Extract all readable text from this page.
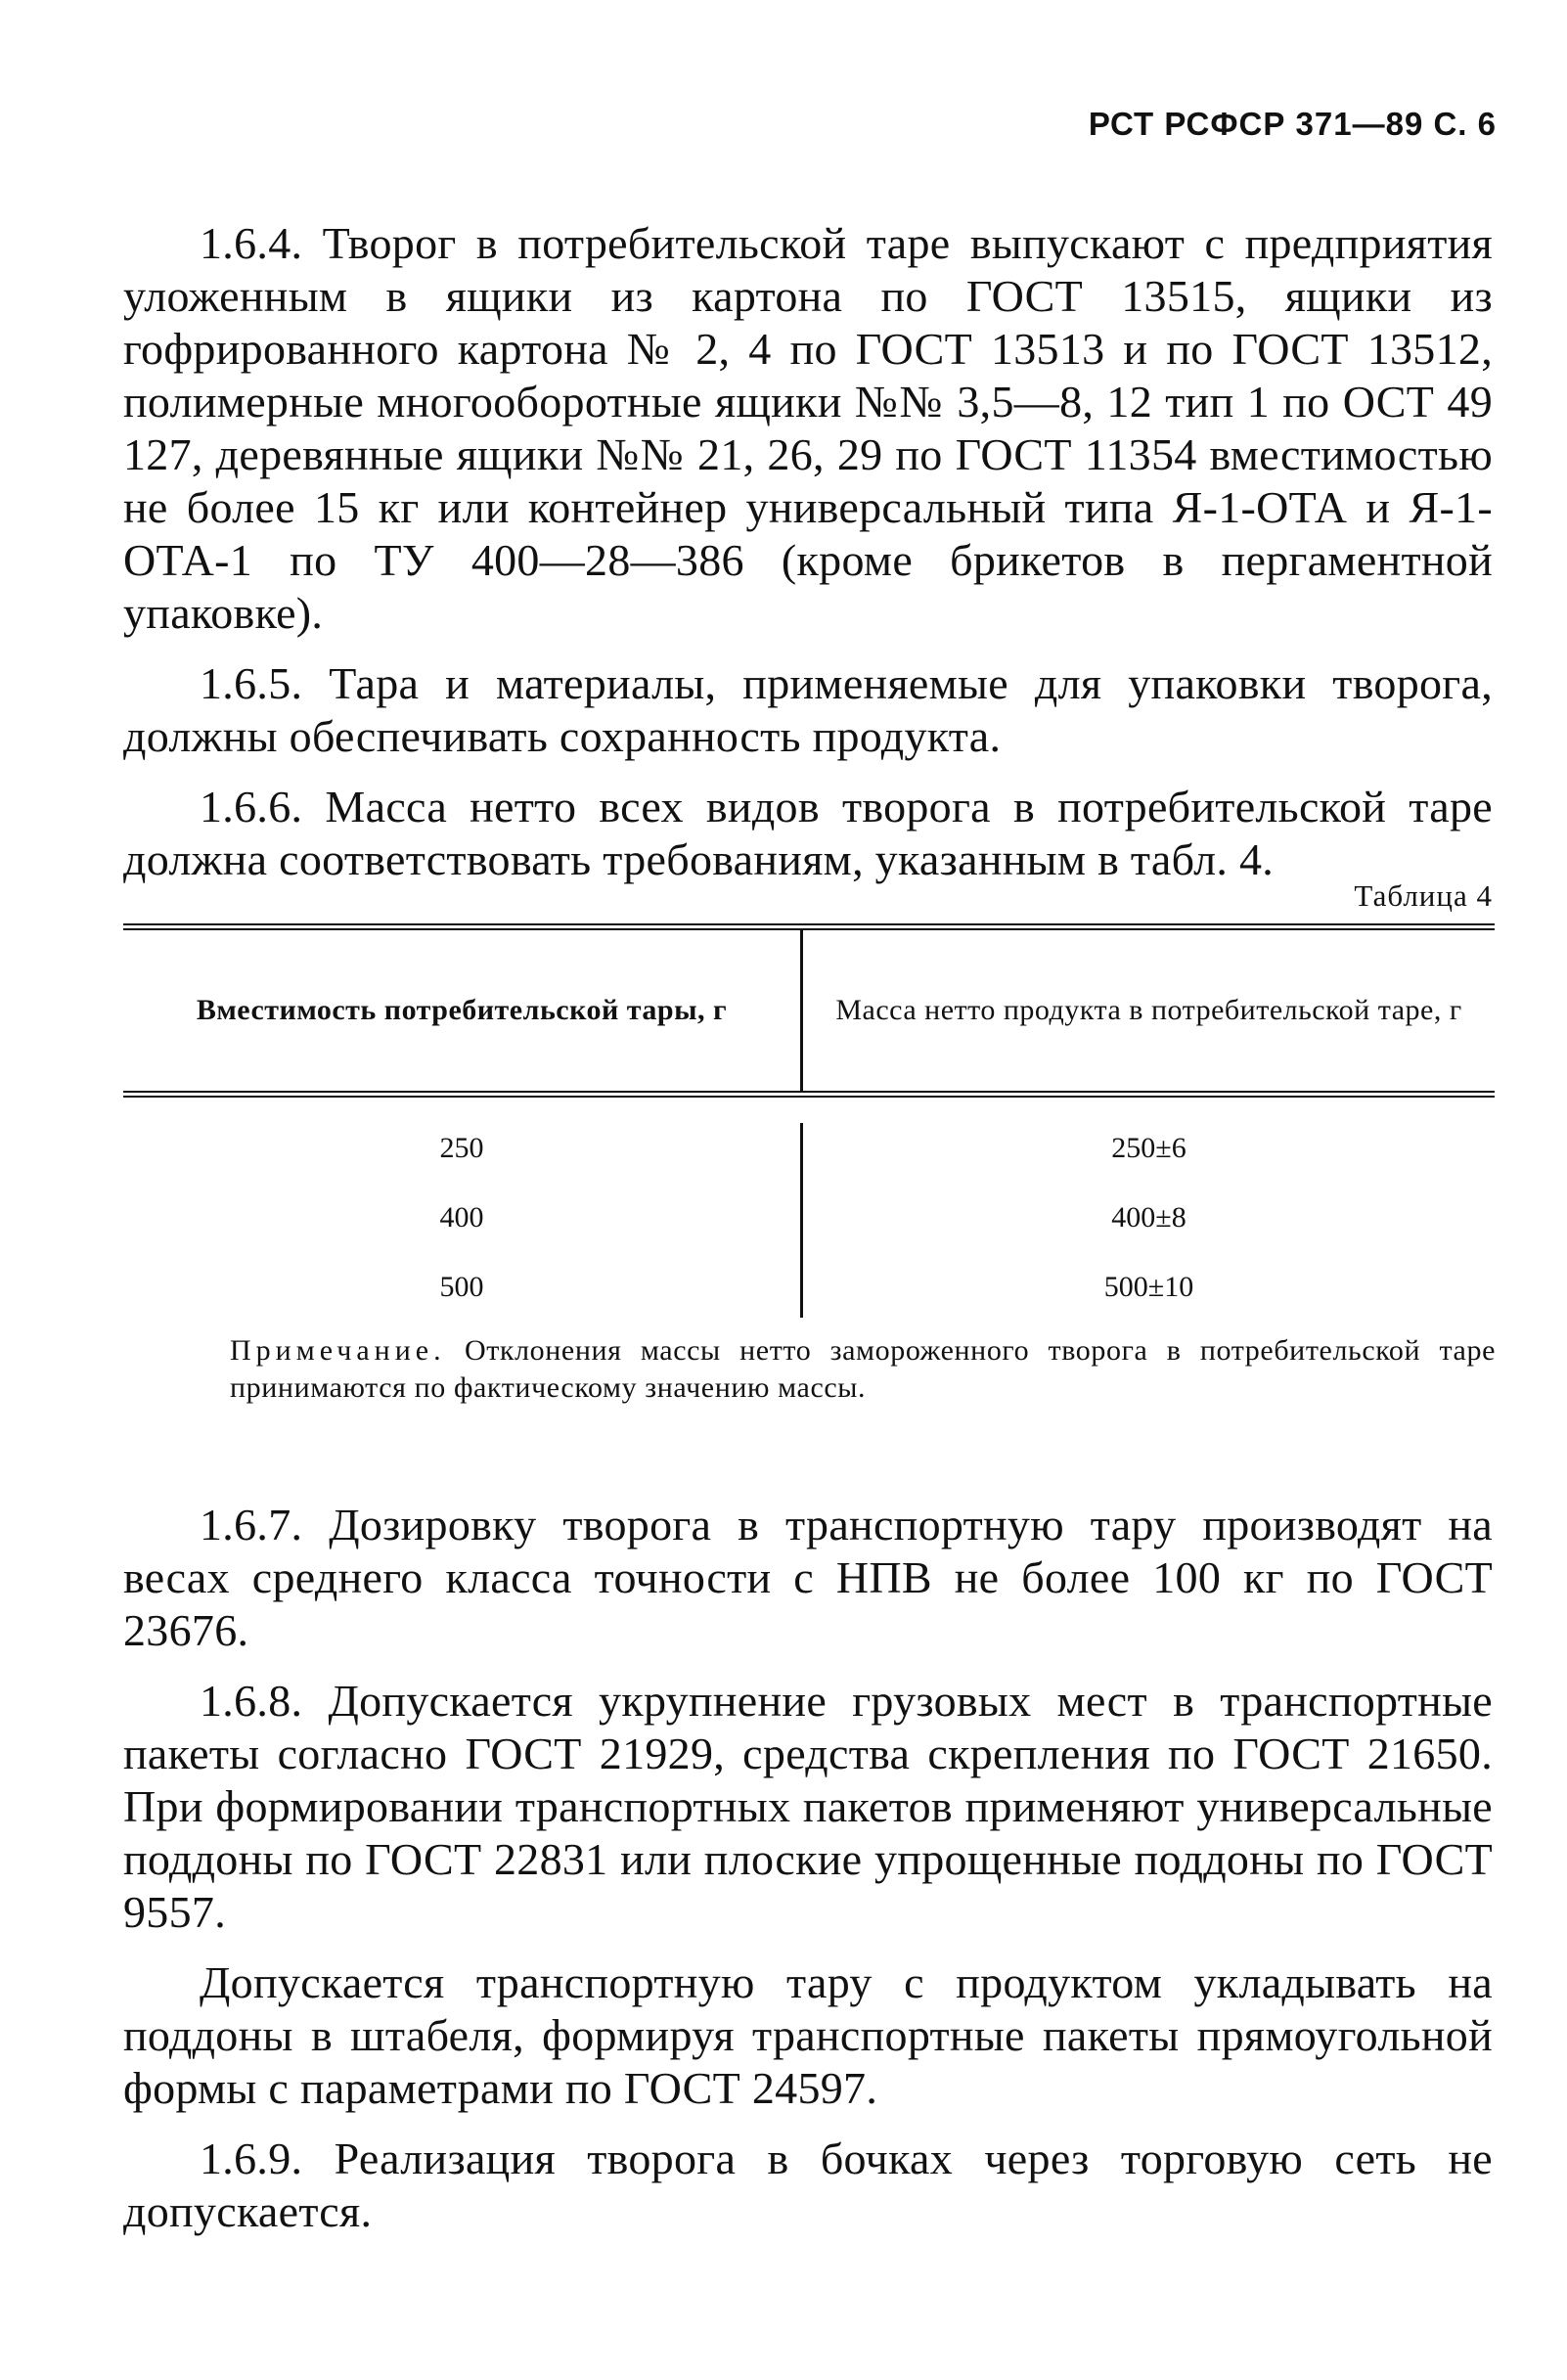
РСТ РСФСР 371—89 С. 6

1.6.4. Творог в потребительской таре выпускают с предприятия уложенным в ящики из картона по ГОСТ 13515, ящики из гофрированного картона № 2, 4 по ГОСТ 13513 и по ГОСТ 13512, полимерные многооборотные ящики №№ 3,5—8, 12 тип 1 по ОСТ 49 127, деревянные ящики №№ 21, 26, 29 по ГОСТ 11354 вместимостью не более 15 кг или контейнер универсальный типа Я-1-ОТА и Я-1-ОТА-1 по ТУ 400—28—386 (кроме брикетов в пергаментной упаковке).

1.6.5. Тара и материалы, применяемые для упаковки творога, должны обеспечивать сохранность продукта.

1.6.6. Масса нетто всех видов творога в потребительской таре должна соответствовать требованиям, указанным в табл. 4.

Таблица 4
Вместимость потребительской тары, г	Масса нетто продукта в потребительской таре, г
250
400
500
250±6
400±8
500±10
Примечание. Отклонения массы нетто замороженного творога в потребительской таре принимаются по фактическому значению массы.

1.6.7. Дозировку творога в транспортную тару производят на весах среднего класса точности с НПВ не более 100 кг по ГОСТ 23676.

1.6.8. Допускается укрупнение грузовых мест в транспортные пакеты согласно ГОСТ 21929, средства скрепления по ГОСТ 21650. При формировании транспортных пакетов применяют универсальные поддоны по ГОСТ 22831 или плоские упрощенные поддоны по ГОСТ 9557.

Допускается транспортную тару с продуктом укладывать на поддоны в штабеля, формируя транспортные пакеты прямоугольной формы с параметрами по ГОСТ 24597.

1.6.9. Реализация творога в бочках через торговую сеть не допускается.
